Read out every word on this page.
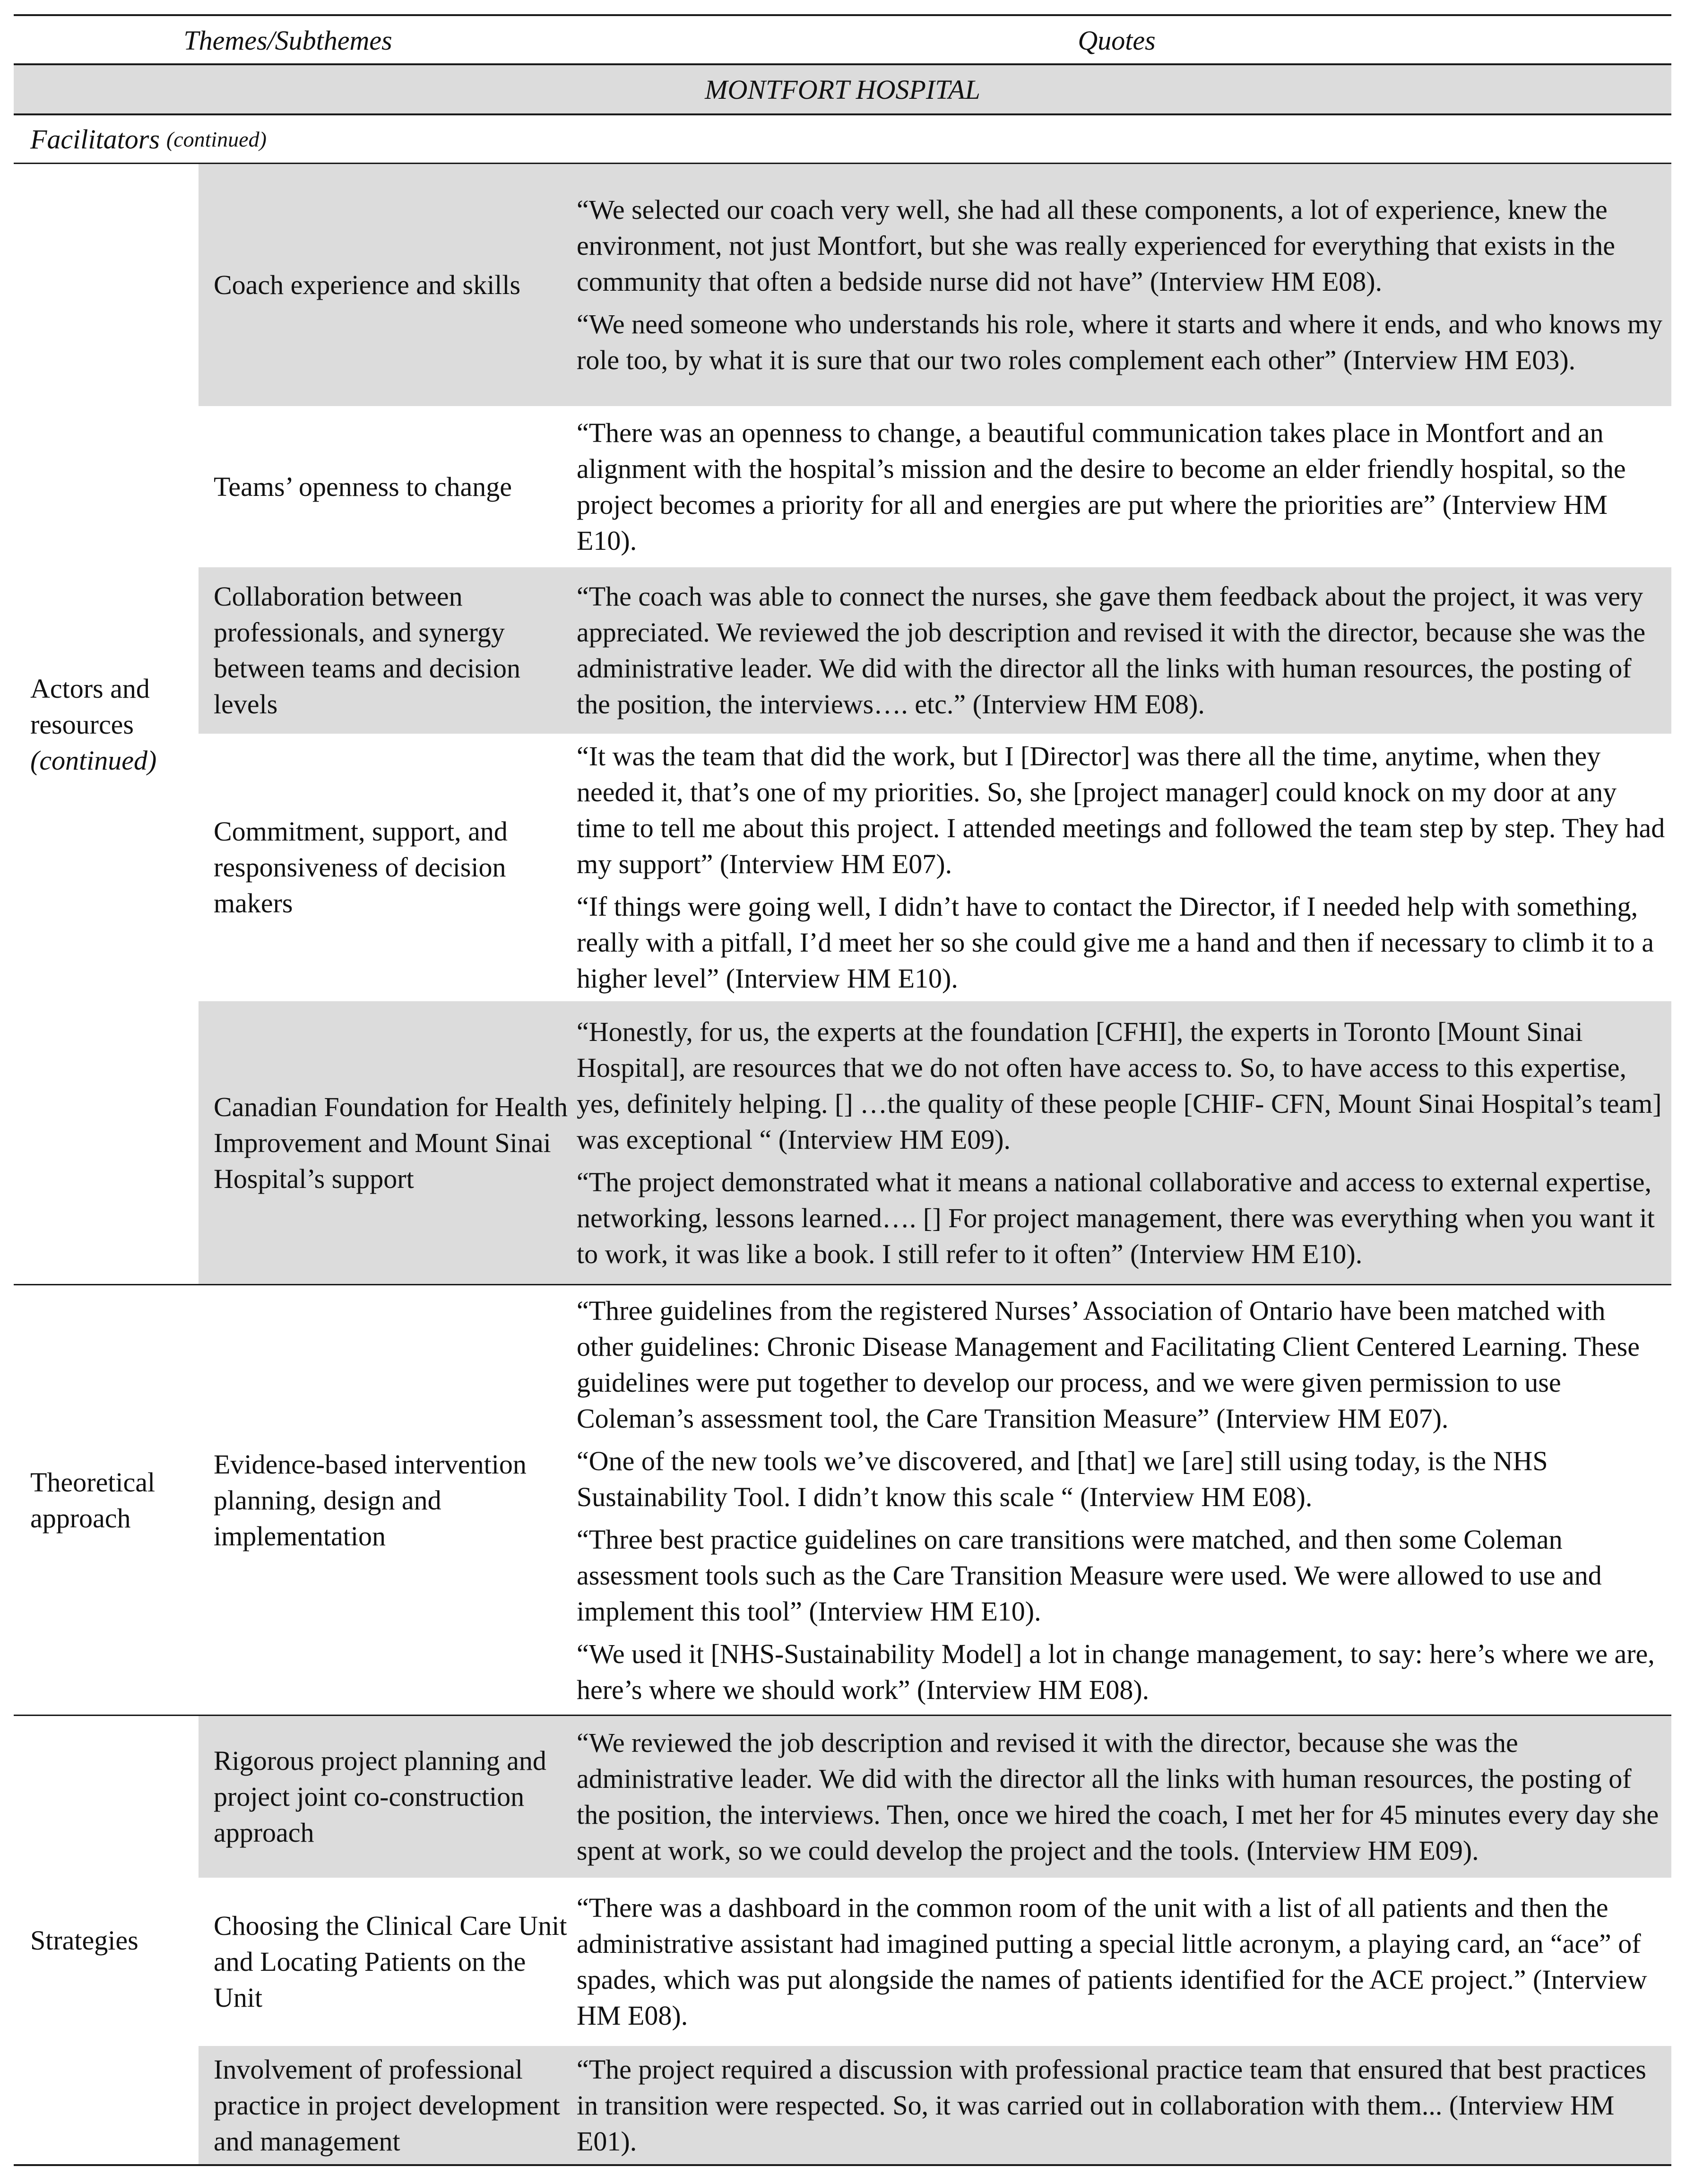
Themes/Subthemes	Quotes
MONTFORT HOSPITAL
Facilitators (continued)
Actors and resources
(continued)
Coach experience and skills

“We selected our coach very well, she had all these components, a lot of experience, knew the environment, not just Montfort, but she was really experienced for everything that exists in the community that often a bedside nurse did not have” (Interview HM E08).

“We need someone who understands his role, where it starts and where it ends, and who knows my role too, by what it is sure that our two roles complement each other” (Interview HM E03).

Teams’ openness to change

“There was an openness to change, a beautiful communication takes place in Montfort and an alignment with the hospital’s mission and the desire to become an elder friendly hospital, so the project becomes a priority for all and energies are put where the priorities are” (Interview HM E10).

Collaboration between professionals, and synergy between teams and decision levels

“The coach was able to connect the nurses, she gave them feedback about the project, it was very appreciated. We reviewed the job description and revised it with the director, because she was the administrative leader. We did with the director all the links with human resources, the posting of the position, the interviews…. etc.” (Interview HM E08).

Commitment, support, and responsiveness of decision makers

“It was the team that did the work, but I [Director] was there all the time, anytime, when they needed it, that’s one of my priorities. So, she [project manager] could knock on my door at any time to tell me about this project. I attended meetings and followed the team step by step. They had my support” (Interview HM E07).

“If things were going well, I didn’t have to contact the Director, if I needed help with something, really with a pitfall, I’d meet her so she could give me a hand and then if necessary to climb it to a higher level” (Interview HM E10).

Canadian Foundation for Health Improvement and Mount Sinai Hospital’s support

“Honestly, for us, the experts at the foundation [CFHI], the experts in Toronto [Mount Sinai Hospital], are resources that we do not often have access to. So, to have access to this expertise, yes, definitely helping. [] …the quality of these people [CHIF- CFN, Mount Sinai Hospital’s team] was exceptional “ (Interview HM E09).

“The project demonstrated what it means a national collaborative and access to external expertise, networking, lessons learned…. [] For project management, there was everything when you want it to work, it was like a book. I still refer to it often” (Interview HM E10).

Theoretical approach
Evidence-based intervention planning, design and implementation

“Three guidelines from the registered Nurses’ Association of Ontario have been matched with other guidelines: Chronic Disease Management and Facilitating Client Centered Learning. These guidelines were put together to develop our process, and we were given permission to use Coleman’s assessment tool, the Care Transition Measure” (Interview HM E07).

“One of the new tools we’ve discovered, and [that] we [are] still using today, is the NHS Sustainability Tool. I didn’t know this scale “ (Interview HM E08).

“Three best practice guidelines on care transitions were matched, and then some Coleman assessment tools such as the Care Transition Measure were used. We were allowed to use and implement this tool” (Interview HM E10).

“We used it [NHS-Sustainability Model] a lot in change management, to say: here’s where we are, here’s where we should work” (Interview HM E08).

Strategies
Rigorous project planning and project joint co-construction approach

“We reviewed the job description and revised it with the director, because she was the administrative leader. We did with the director all the links with human resources, the posting of the position, the interviews. Then, once we hired the coach, I met her for 45 minutes every day she spent at work, so we could develop the project and the tools. (Interview HM E09).

Choosing the Clinical Care Unit and Locating Patients on the Unit

“There was a dashboard in the common room of the unit with a list of all patients and then the administrative assistant had imagined putting a special little acronym, a playing card, an “ace” of spades, which was put alongside the names of patients identified for the ACE project.” (Interview HM E08).

Involvement of professional practice in project development and management

“The project required a discussion with professional practice team that ensured that best practices in transition were respected. So, it was carried out in collaboration with them... (Interview HM E01).
